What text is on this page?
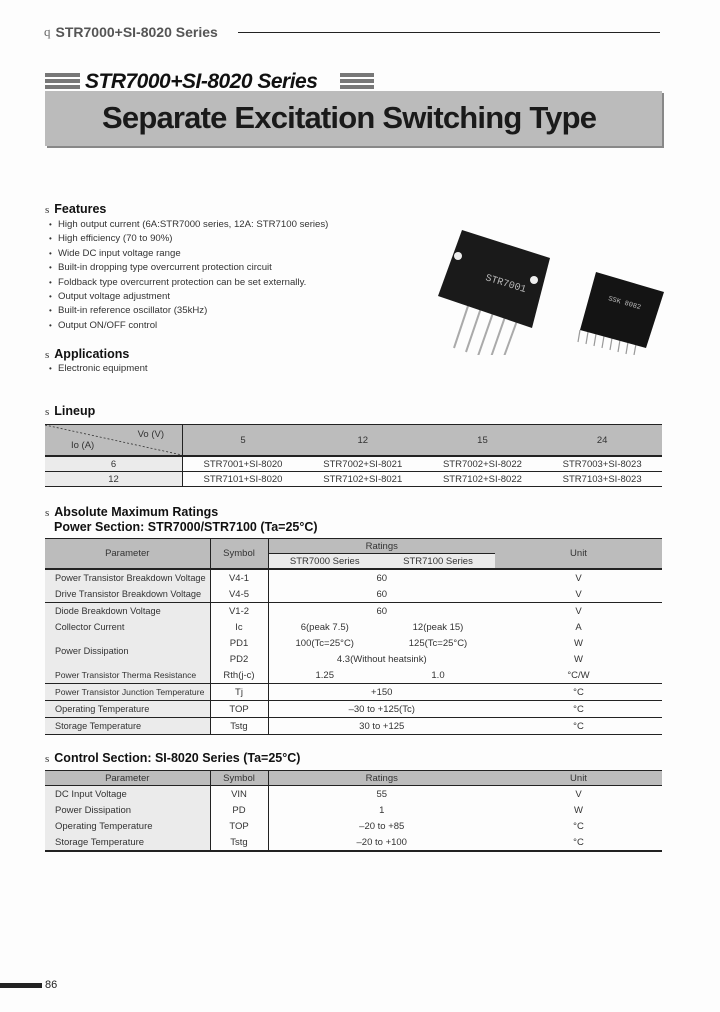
q STR7000+SI-8020 Series
STR7000+SI-8020 Series
Separate Excitation Switching Type
s Features
• High output current (6A:STR7000 series, 12A: STR7100 series)
• High efficiency (70 to 90%)
• Wide DC input voltage range
• Built-in dropping type overcurrent protection circuit
• Foldback type overcurrent protection can be set externally.
• Output voltage adjustment
• Built-in reference oscillator (35kHz)
• Output ON/OFF control
s Applications
• Electronic equipment
STR7001
SSK 8082
s Lineup
Vo (V)
Io (A)	5	12	15	24
6	STR7001+SI-8020	STR7002+SI-8021	STR7002+SI-8022	STR7003+SI-8023
12	STR7101+SI-8020	STR7102+SI-8021	STR7102+SI-8022	STR7103+SI-8023
s Absolute Maximum Ratings
Power Section: STR7000/STR7100 (Ta=25°C)
Parameter	Symbol	Ratings		Unit
		STR7000 Series	STR7100 Series	
Power Transistor Breakdown Voltage	V4-1	60		V
Drive Transistor Breakdown Voltage	V4-5	60		V
Diode Breakdown Voltage	V1-2	60		V
Collector Current	Ic	6(peak 7.5)	12(peak 15)	A
Power Dissipation	PD1	100(Tc=25°C)	125(Tc=25°C)	W
	PD2	4.3(Without heatsink)		W
Power Transistor Therma Resistance	Rth(j-c)	1.25	1.0	°C/W
Power Transistor Junction Temperature	Tj	+150		°C
Operating Temperature	TOP	–30 to +125(Tc)		°C
Storage Temperature	Tstg	30 to +125		°C
s Control Section: SI-8020 Series (Ta=25°C)
Parameter	Symbol	Ratings	Unit
DC Input Voltage	VIN	55	V
Power Dissipation	PD	1	W
Operating Temperature	TOP	–20 to +85	°C
Storage Temperature	Tstg	–20 to +100	°C
86
